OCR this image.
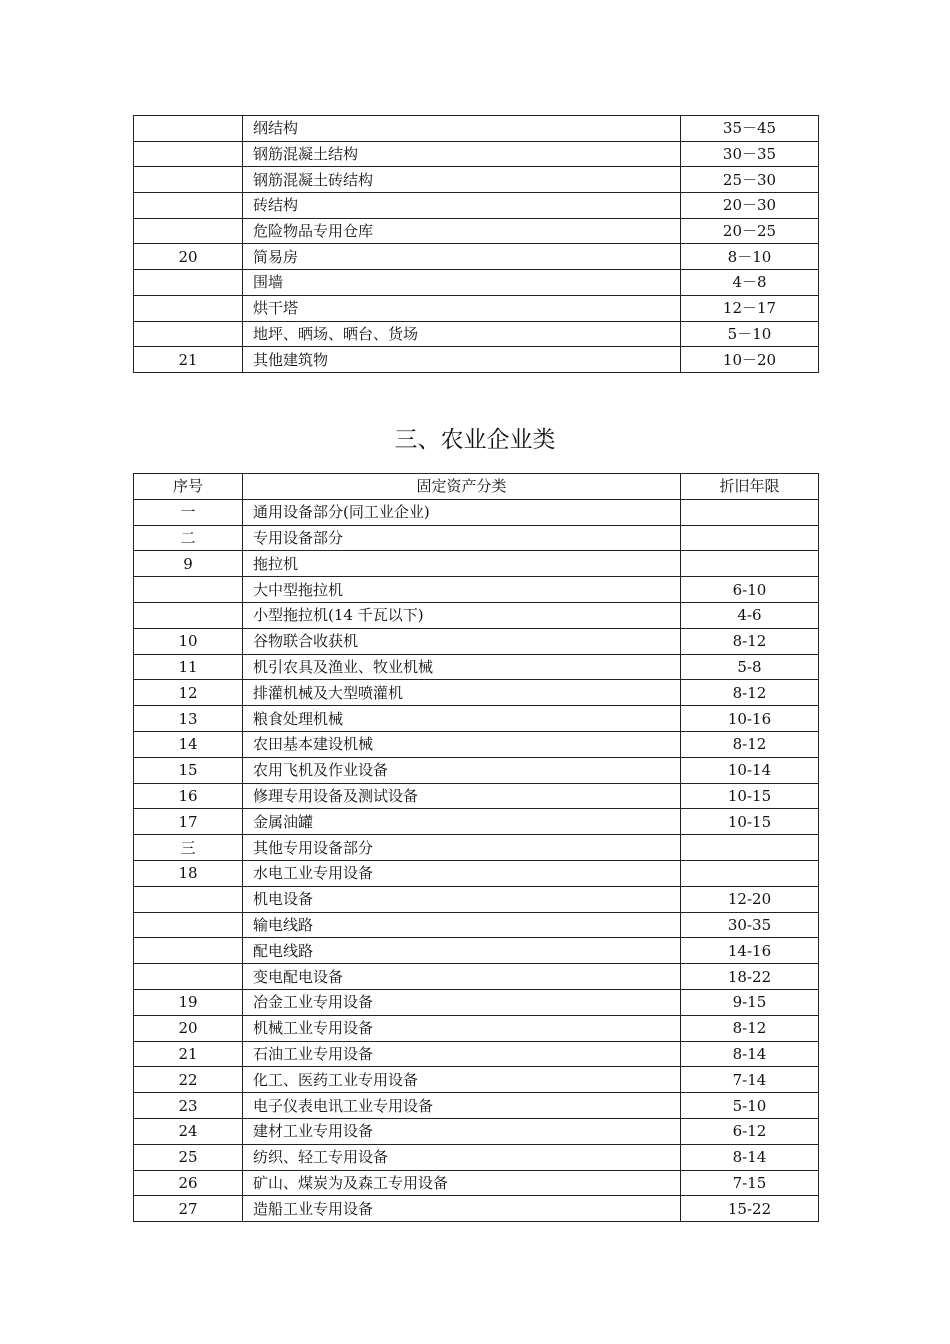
	纲结构	35－45
	钢筋混凝土结构	30－35
	钢筋混凝土砖结构	25－30
	砖结构	20－30
	危险物品专用仓库	20－25
20	简易房	8－10
	围墙	4－8
	烘干塔	12－17
	地坪、晒场、晒台、货场	5－10
21	其他建筑物	10－20
三、农业企业类
序号	固定资产分类	折旧年限
一	通用设备部分(同工业企业)	
二	专用设备部分	
9	拖拉机	
	大中型拖拉机	6-10
	小型拖拉机(14 千瓦以下)	4-6
10	谷物联合收获机	8-12
11	机引农具及渔业、牧业机械	5-8
12	排灌机械及大型喷灌机	8-12
13	粮食处理机械	10-16
14	农田基本建设机械	8-12
15	农用飞机及作业设备	10-14
16	修理专用设备及测试设备	10-15
17	金属油罐	10-15
三	其他专用设备部分	
18	水电工业专用设备	
	机电设备	12-20
	输电线路	30-35
	配电线路	14-16
	变电配电设备	18-22
19	冶金工业专用设备	9-15
20	机械工业专用设备	8-12
21	石油工业专用设备	8-14
22	化工、医药工业专用设备	7-14
23	电子仪表电讯工业专用设备	5-10
24	建材工业专用设备	6-12
25	纺织、轻工专用设备	8-14
26	矿山、煤炭为及森工专用设备	7-15
27	造船工业专用设备	15-22
